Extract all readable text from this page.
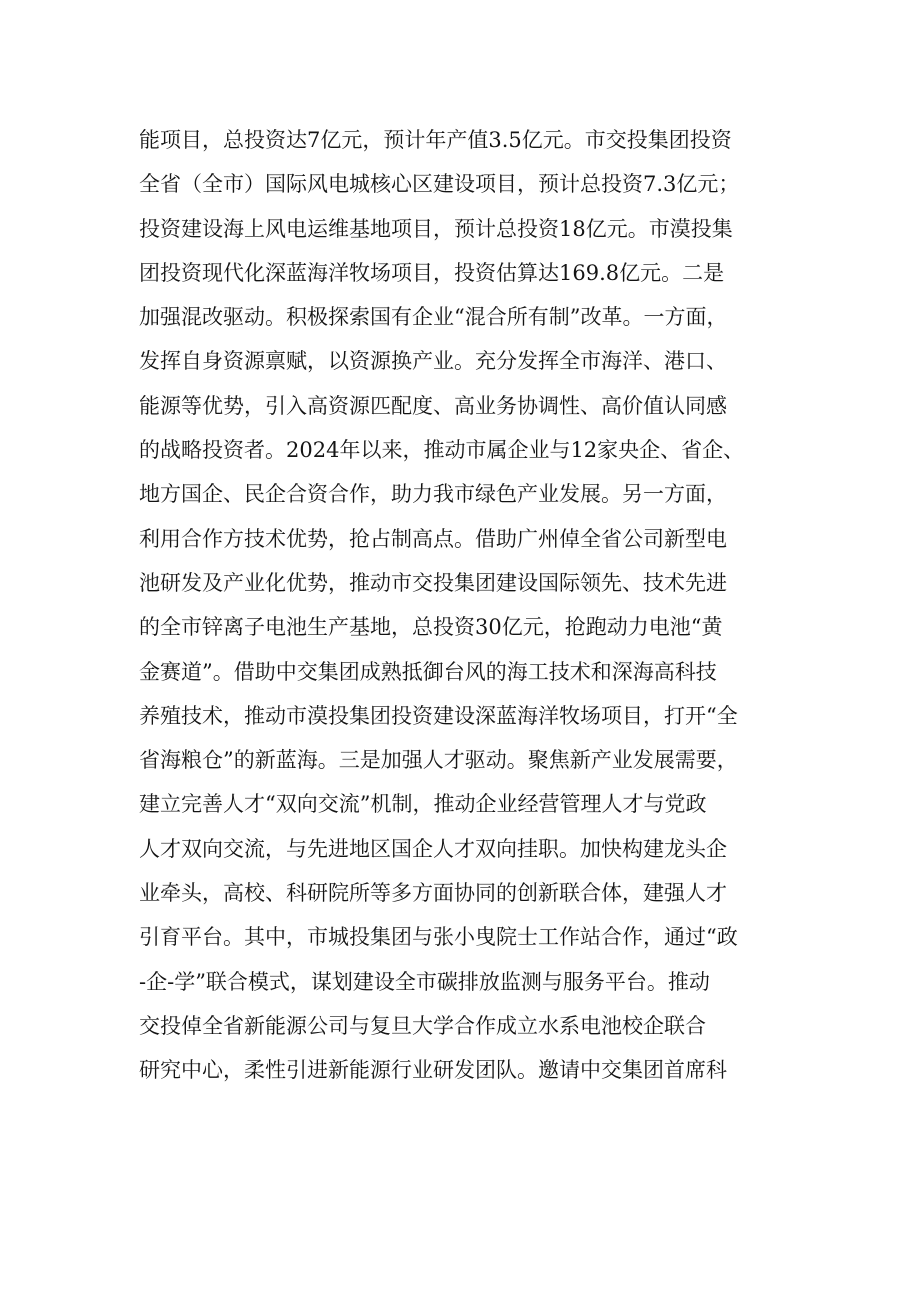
能项目，总投资达7亿元，预计年产值3.5亿元。市交投集团投资
全省（全市）国际风电城核心区建设项目，预计总投资7.3亿元；
投资建设海上风电运维基地项目，预计总投资18亿元。市漠投集
团投资现代化深蓝海洋牧场项目，投资估算达169.8亿元。二是
加强混改驱动。积极探索国有企业“混合所有制”改革。一方面，
发挥自身资源禀赋，以资源换产业。充分发挥全市海洋、港口、
能源等优势，引入高资源匹配度、高业务协调性、高价值认同感
的战略投资者。2024年以来，推动市属企业与12家央企、省企、
地方国企、民企合资合作，助力我市绿色产业发展。另一方面，
利用合作方技术优势，抢占制高点。借助广州倬全省公司新型电
池研发及产业化优势，推动市交投集团建设国际领先、技术先进
的全市锌离子电池生产基地，总投资30亿元，抢跑动力电池“黄
金赛道”。借助中交集团成熟抵御台风的海工技术和深海高科技
养殖技术，推动市漠投集团投资建设深蓝海洋牧场项目，打开“全
省海粮仓”的新蓝海。三是加强人才驱动。聚焦新产业发展需要，
建立完善人才“双向交流”机制，推动企业经营管理人才与党政
人才双向交流，与先进地区国企人才双向挂职。加快构建龙头企
业牵头，高校、科研院所等多方面协同的创新联合体，建强人才
引育平台。其中，市城投集团与张小曳院士工作站合作，通过“政
-企-学”联合模式，谋划建设全市碳排放监测与服务平台。推动
交投倬全省新能源公司与复旦大学合作成立水系电池校企联合
研究中心，柔性引进新能源行业研发团队。邀请中交集团首席科
